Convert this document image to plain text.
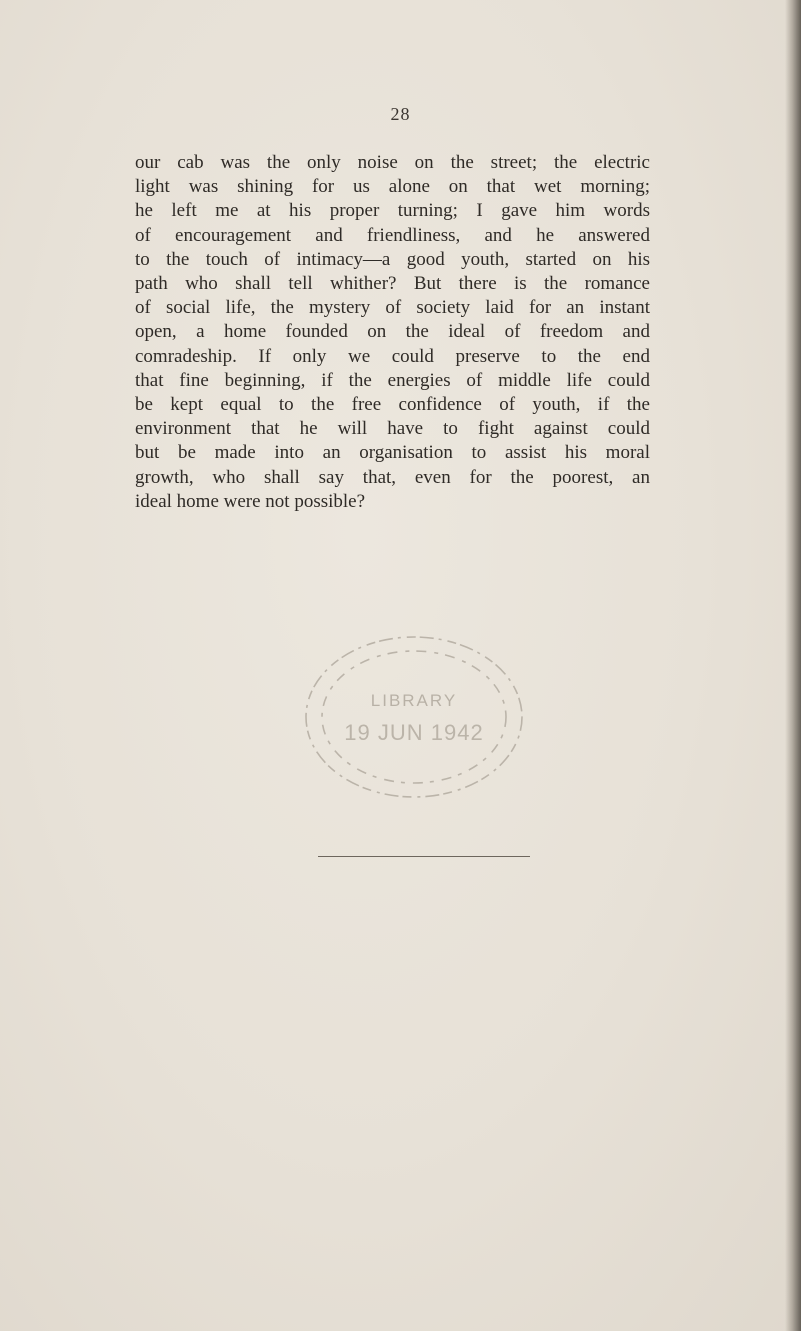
28
our cab was the only noise on the street; the electric
light was shining for us alone on that wet morning;
he left me at his proper turning; I gave him words
of encouragement and friendliness, and he answered
to the touch of intimacy—a good youth, started on his
path who shall tell whither? But there is the romance
of social life, the mystery of society laid for an instant
open, a home founded on the ideal of freedom and
comradeship. If only we could preserve to the end
that fine beginning, if the energies of middle life could
be kept equal to the free confidence of youth, if the
environment that he will have to fight against could
but be made into an organisation to assist his moral
growth, who shall say that, even for the poorest, an
ideal home were not possible?
LIBRARY
19 JUN 1942
